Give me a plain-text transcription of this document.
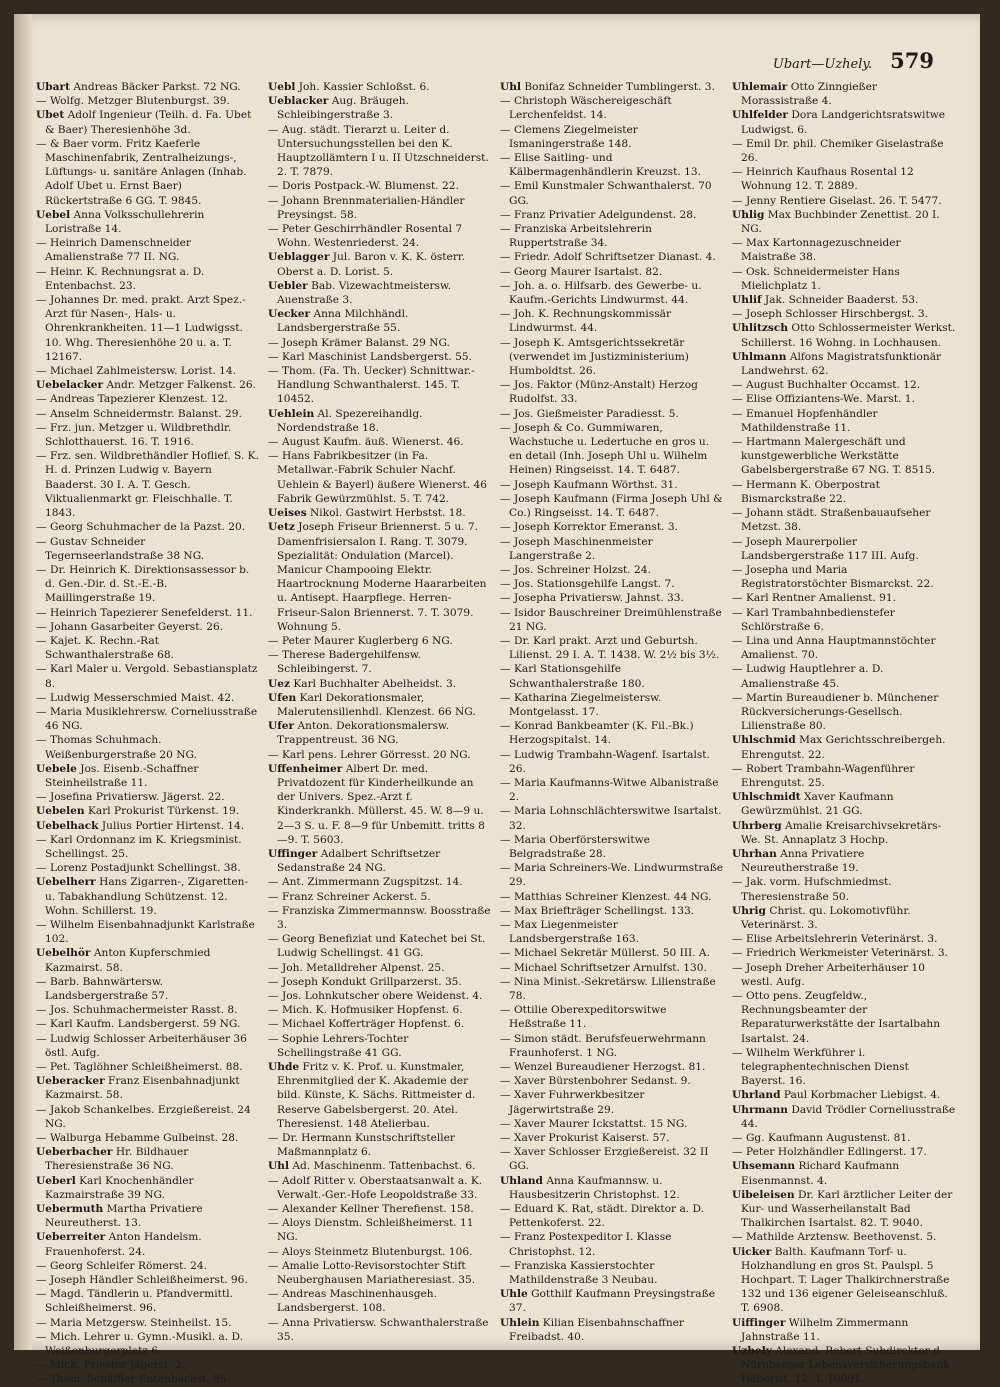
Ubart—Uzhely. 579
Ubart Andreas Bäcker Parkst. 72 NG.
— Wolfg. Metzger Blutenburgst. 39.
Ubet Adolf Ingenieur (Teilh. d. Fa. Ubet & Baer) Theresienhöhe 3d.
— & Baer vorm. Fritz Kaeferle Maschinenfabrik, Zentralheizungs-, Lüftungs- u. sanitäre Anlagen (Inhab. Adolf Ubet u. Ernst Baer) Rückertstraße 6 GG. T. 9845.
Uebel Anna Volksschullehrerin Loristraße 14.
— Heinrich Damenschneider Amalienstraße 77 II. NG.
— Heinr. K. Rechnungsrat a. D. Entenbachst. 23.
— Johannes Dr. med. prakt. Arzt Spez.-Arzt für Nasen-, Hals- u. Ohrenkrankheiten. 11—1 Ludwigsst. 10. Whg. Theresienhöhe 20 u. a. T. 12167.
— Michael Zahlmeistersw. Lorist. 14.
Uebelacker Andr. Metzger Falkenst. 26.
— Andreas Tapezierer Klenzest. 12.
— Anselm Schneidermstr. Balanst. 29.
— Frz. jun. Metzger u. Wildbrethdlr. Schlotthauerst. 16. T. 1916.
— Frz. sen. Wildbrethändler Hoflief. S. K. H. d. Prinzen Ludwig v. Bayern Baaderst. 30 I. A. T. Gesch. Viktualienmarkt gr. Fleischhalle. T. 1843.
— Georg Schuhmacher de la Pazst. 20.
— Gustav Schneider Tegernseerlandstraße 38 NG.
— Dr. Heinrich K. Direktionsassessor b. d. Gen.-Dir. d. St.-E.-B. Maillingerstraße 19.
— Heinrich Tapezierer Senefelderst. 11.
— Johann Gasarbeiter Geyerst. 26.
— Kajet. K. Rechn.-Rat Schwanthalerstraße 68.
— Karl Maler u. Vergold. Sebastiansplatz 8.
— Ludwig Messerschmied Maist. 42.
— Maria Musiklehrersw. Corneliusstraße 46 NG.
— Thomas Schuhmach. Weißenburgerstraße 20 NG.
Uebele Jos. Eisenb.-Schaffner Steinheilstraße 11.
— Josefina Privatiersw. Jägerst. 22.
Uebelen Karl Prokurist Türkenst. 19.
Uebelhack Julius Portier Hirtenst. 14.
— Karl Ordonnanz im K. Kriegsminist. Schellingst. 25.
— Lorenz Postadjunkt Schellingst. 38.
Uebelherr Hans Zigarren-, Zigaretten- u. Tabakhandlung Schützenst. 12. Wohn. Schillerst. 19.
— Wilhelm Eisenbahnadjunkt Karlstraße 102.
Uebelhör Anton Kupferschmied Kazmairst. 58.
— Barb. Bahnwärtersw. Landsbergerstraße 57.
— Jos. Schuhmachermeister Rasst. 8.
— Karl Kaufm. Landsbergerst. 59 NG.
— Ludwig Schlosser Arbeiterhäuser 36 östl. Aufg.
— Pet. Taglöhner Schleißheimerst. 88.
Ueberacker Franz Eisenbahnadjunkt Kazmairst. 58.
— Jakob Schankelbes. Erzgießereist. 24 NG.
— Walburga Hebamme Gulbeinst. 28.
Ueberbacher Hr. Bildhauer Theresienstraße 36 NG.
Ueberl Karl Knochenhändler Kazmairstraße 39 NG.
Uebermuth Martha Privatiere Neureutherst. 13.
Ueberreiter Anton Handelsm. Frauenhoferst. 24.
— Georg Schleifer Römerst. 24.
— Joseph Händler Schleißheimerst. 96.
— Magd. Tändlerin u. Pfandvermittl. Schleißheimerst. 96.
— Maria Metzgersw. Steinheilst. 15.
— Mich. Lehrer u. Gymn.-Musikl. a. D. Weißenburgerplatz 6.
— Mich. Priester Jägerst. 2.
— Thom. Schäffler Entenbachst. 95.
Uebl Joh. Kassier Schloßst. 6.
Ueblacker Aug. Bräugeh. Schleibingerstraße 3.
— Aug. städt. Tierarzt u. Leiter d. Untersuchungsstellen bei den K. Hauptzollämtern I u. II Utzschneiderst. 2. T. 7879.
— Doris Postpack.-W. Blumenst. 22.
— Johann Brennmaterialien-Händler Preysingst. 58.
— Peter Geschirrhändler Rosental 7 Wohn. Westenriederst. 24.
Ueblagger Jul. Baron v. K. K. österr. Oberst a. D. Lorist. 5.
Uebler Bab. Vizewachtmeistersw. Auenstraße 3.
Uecker Anna Milchhändl. Landsbergerstraße 55.
— Joseph Krämer Balanst. 29 NG.
— Karl Maschinist Landsbergerst. 55.
— Thom. (Fa. Th. Uecker) Schnittwar.-Handlung Schwanthalerst. 145. T. 10452.
Uehlein Al. Spezereihandlg. Nordendstraße 18.
— August Kaufm. äuß. Wienerst. 46.
— Hans Fabrikbesitzer (in Fa. Metallwar.-Fabrik Schuler Nachf. Uehlein & Bayerl) äußere Wienerst. 46 Fabrik Gewürzmühlst. 5. T. 742.
Ueises Nikol. Gastwirt Herbstst. 18.
Uetz Joseph Friseur Briennerst. 5 u. 7. Damenfrisiersalon I. Rang. T. 3079. Spezialität: Ondulation (Marcel). Manicur Champooing Elektr. Haartrocknung Moderne Haararbeiten u. Antisept. Haarpflege. Herren-Friseur-Salon Briennerst. 7. T. 3079. Wohnung 5.
— Peter Maurer Kuglerberg 6 NG.
— Therese Badergehilfensw. Schleibingerst. 7.
Uez Karl Buchhalter Abelheidst. 3.
Ufen Karl Dekorationsmaler, Malerutensilienhdl. Klenzest. 66 NG.
Ufer Anton. Dekorationsmalersw. Trappentreust. 36 NG.
— Karl pens. Lehrer Görresst. 20 NG.
Uffenheimer Albert Dr. med. Privatdozent für Kinderheilkunde an der Univers. Spez.-Arzt f. Kinderkrankh. Müllerst. 45. W. 8—9 u. 2—3 S. u. F. 8—9 für Unbemitt. tritts 8—9. T. 5603.
Uffinger Adalbert Schriftsetzer Sedanstraße 24 NG.
— Ant. Zimmermann Zugspitzst. 14.
— Franz Schreiner Ackerst. 5.
— Franziska Zimmermannsw. Boosstraße 3.
— Georg Benefiziat und Katechet bei St. Ludwig Schellingst. 41 GG.
— Joh. Metalldreher Alpenst. 25.
— Joseph Kondukt Grillparzerst. 35.
— Jos. Lohnkutscher obere Weidenst. 4.
— Mich. K. Hofmusiker Hopfenst. 6.
— Michael Kofferträger Hopfenst. 6.
— Sophie Lehrers-Tochter Schellingstraße 41 GG.
Uhde Fritz v. K. Prof. u. Kunstmaler, Ehrenmitglied der K. Akademie der bild. Künste, K. Sächs. Rittmeister d. Reserve Gabelsbergerst. 20. Atel. Theresienst. 148 Atelierbau.
— Dr. Hermann Kunstschriftsteller Maßmannplatz 6.
Uhl Ad. Maschinenm. Tattenbachst. 6.
— Adolf Ritter v. Oberstaatsanwalt a. K. Verwalt.-Ger.-Hofe Leopoldstraße 33.
— Alexander Kellner Therefienst. 158.
— Aloys Dienstm. Schleißheimerst. 11 NG.
— Aloys Steinmetz Blutenburgst. 106.
— Amalie Lotto-Revisorstochter Stift Neuberghausen Mariatheresiast. 35.
— Andreas Maschinenhausgeh. Landsbergerst. 108.
— Anna Privatiersw. Schwanthalerstraße 35.
Uhl Bonifaz Schneider Tumblingerst. 3.
— Christoph Wäschereigeschäft Lerchenfeldst. 14.
— Clemens Ziegelmeister Ismaningerstraße 148.
— Elise Saitling- und Kälbermagenhändlerin Kreuzst. 13.
— Emil Kunstmaler Schwanthalerst. 70 GG.
— Franz Privatier Adelgundenst. 28.
— Franziska Arbeitslehrerin Ruppertstraße 34.
— Friedr. Adolf Schriftsetzer Dianast. 4.
— Georg Maurer Isartalst. 82.
— Joh. a. o. Hilfsarb. des Gewerbe- u. Kaufm.-Gerichts Lindwurmst. 44.
— Joh. K. Rechnungskommissär Lindwurmst. 44.
— Joseph K. Amtsgerichtssekretär (verwendet im Justizministerium) Humboldtst. 26.
— Jos. Faktor (Münz-Anstalt) Herzog Rudolfst. 33.
— Jos. Gießmeister Paradiesst. 5.
— Joseph & Co. Gummiwaren, Wachstuche u. Ledertuche en gros u. en detail (Inh. Joseph Uhl u. Wilhelm Heinen) Ringseisst. 14. T. 6487.
— Joseph Kaufmann Wörthst. 31.
— Joseph Kaufmann (Firma Joseph Uhl & Co.) Ringseisst. 14. T. 6487.
— Joseph Korrektor Emeranst. 3.
— Joseph Maschinenmeister Langerstraße 2.
— Jos. Schreiner Holzst. 24.
— Jos. Stationsgehilfe Langst. 7.
— Josepha Privatiersw. Jahnst. 33.
— Isidor Bauschreiner Dreimühlenstraße 21 NG.
— Dr. Karl prakt. Arzt und Geburtsh. Lilienst. 29 I. A. T. 1438. W. 2½ bis 3½.
— Karl Stationsgehilfe Schwanthalerstraße 180.
— Katharina Ziegelmeistersw. Montgelasst. 17.
— Konrad Bankbeamter (K. Fil.-Bk.) Herzogspitalst. 14.
— Ludwig Trambahn-Wagenf. Isartalst. 26.
— Maria Kaufmanns-Witwe Albanistraße 2.
— Maria Lohnschlächterswitwe Isartalst. 32.
— Maria Oberförsterswitwe Belgradstraße 28.
— Maria Schreiners-We. Lindwurmstraße 29.
— Matthias Schreiner Klenzest. 44 NG.
— Max Briefträger Schellingst. 133.
— Max Liegenmeister Landsbergerstraße 163.
— Michael Sekretär Müllerst. 50 III. A.
— Michael Schriftsetzer Arnulfst. 130.
— Nina Minist.-Sekretärsw. Lilienstraße 78.
— Ottilie Oberexpeditorswitwe Heßstraße 11.
— Simon städt. Berufsfeuerwehrmann Fraunhoferst. 1 NG.
— Wenzel Bureaudiener Herzogst. 81.
— Xaver Bürstenbohrer Sedanst. 9.
— Xaver Fuhrwerkbesitzer Jägerwirtstraße 29.
— Xaver Maurer Ickstattst. 15 NG.
— Xaver Prokurist Kaiserst. 57.
— Xaver Schlosser Erzgießereist. 32 II GG.
Uhland Anna Kaufmannsw. u. Hausbesitzerin Christophst. 12.
— Eduard K. Rat, städt. Direktor a. D. Pettenkoferst. 22.
— Franz Postexpeditor I. Klasse Christophst. 12.
— Franziska Kassierstochter Mathildenstraße 3 Neubau.
Uhle Gotthilf Kaufmann Preysingstraße 37.
Uhlein Kilian Eisenbahnschaffner Freibadst. 40.
Uhlemair Otto Zinngießer Morassistraße 4.
Uhlfelder Dora Landgerichtsratswitwe Ludwigst. 6.
— Emil Dr. phil. Chemiker Giselastraße 26.
— Heinrich Kaufhaus Rosental 12 Wohnung 12. T. 2889.
— Jenny Rentiere Giselast. 26. T. 5477.
Uhlig Max Buchbinder Zenettist. 20 I. NG.
— Max Kartonnagezuschneider Maistraße 38.
— Osk. Schneidermeister Hans Mielichplatz 1.
Uhlif Jak. Schneider Baaderst. 53.
— Joseph Schlosser Hirschbergst. 3.
Uhlitzsch Otto Schlossermeister Werkst. Schillerst. 16 Wohng. in Lochhausen.
Uhlmann Alfons Magistratsfunktionär Landwehrst. 62.
— August Buchhalter Occamst. 12.
— Elise Offiziantens-We. Marst. 1.
— Emanuel Hopfenhändler Mathildenstraße 11.
— Hartmann Malergeschäft und kunstgewerbliche Werkstätte Gabelsbergerstraße 67 NG. T. 8515.
— Hermann K. Oberpostrat Bismarckstraße 22.
— Johann städt. Straßenbauaufseher Metzst. 38.
— Joseph Maurerpolier Landsbergerstraße 117 III. Aufg.
— Josepha und Maria Registratorstöchter Bismarckst. 22.
— Karl Rentner Amalienst. 91.
— Karl Trambahnbedienstefer Schlörstraße 6.
— Lina und Anna Hauptmannstöchter Amalienst. 70.
— Ludwig Hauptlehrer a. D. Amalienstraße 45.
— Martin Bureaudiener b. Münchener Rückversicherungs-Gesellsch. Lilienstraße 80.
Uhlschmid Max Gerichtsschreibergeh. Ehrengutst. 22.
— Robert Trambahn-Wagenführer Ehrengutst. 25.
Uhlschmidt Xaver Kaufmann Gewürzmühlst. 21 GG.
Uhrberg Amalie Kreisarchivsekretärs-We. St. Annaplatz 3 Hochp.
Uhrhan Anna Privatiere Neureutherstraße 19.
— Jak. vorm. Hufschmiedmst. Theresienstraße 50.
Uhrig Christ. qu. Lokomotivführ. Veterinärst. 3.
— Elise Arbeitslehrerin Veterinärst. 3.
— Friedrich Werkmeister Veterinärst. 3.
— Joseph Dreher Arbeiterhäuser 10 westl. Aufg.
— Otto pens. Zeugfeldw., Rechnungsbeamter der Reparaturwerkstätte der Isartalbahn Isartalst. 24.
— Wilhelm Werkführer i. telegraphentechnischen Dienst Bayerst. 16.
Uhrland Paul Korbmacher Liebigst. 4.
Uhrmann David Trödler Corneliusstraße 44.
— Gg. Kaufmann Augustenst. 81.
— Peter Holzhändler Edlingerst. 17.
Uhsemann Richard Kaufmann Eisenmannst. 4.
Uibeleisen Dr. Karl ärztlicher Leiter der Kur- und Wasserheilanstalt Bad Thalkirchen Isartalst. 82. T. 9040.
— Mathilde Arztensw. Beethovenst. 5.
Uicker Balth. Kaufmann Torf- u. Holzhandlung en gros St. Paulspl. 5 Hochpart. T. Lager Thalkirchnerstraße 132 und 136 eigener Geleiseanschluß. T. 6908.
Uiffinger Wilhelm Zimmermann Jahnstraße 11.
Uzhely Alexand. Robert Subdirektor d. Nürnberger Lebensversicherungsbank Häberlst. 12. T. 10091.
